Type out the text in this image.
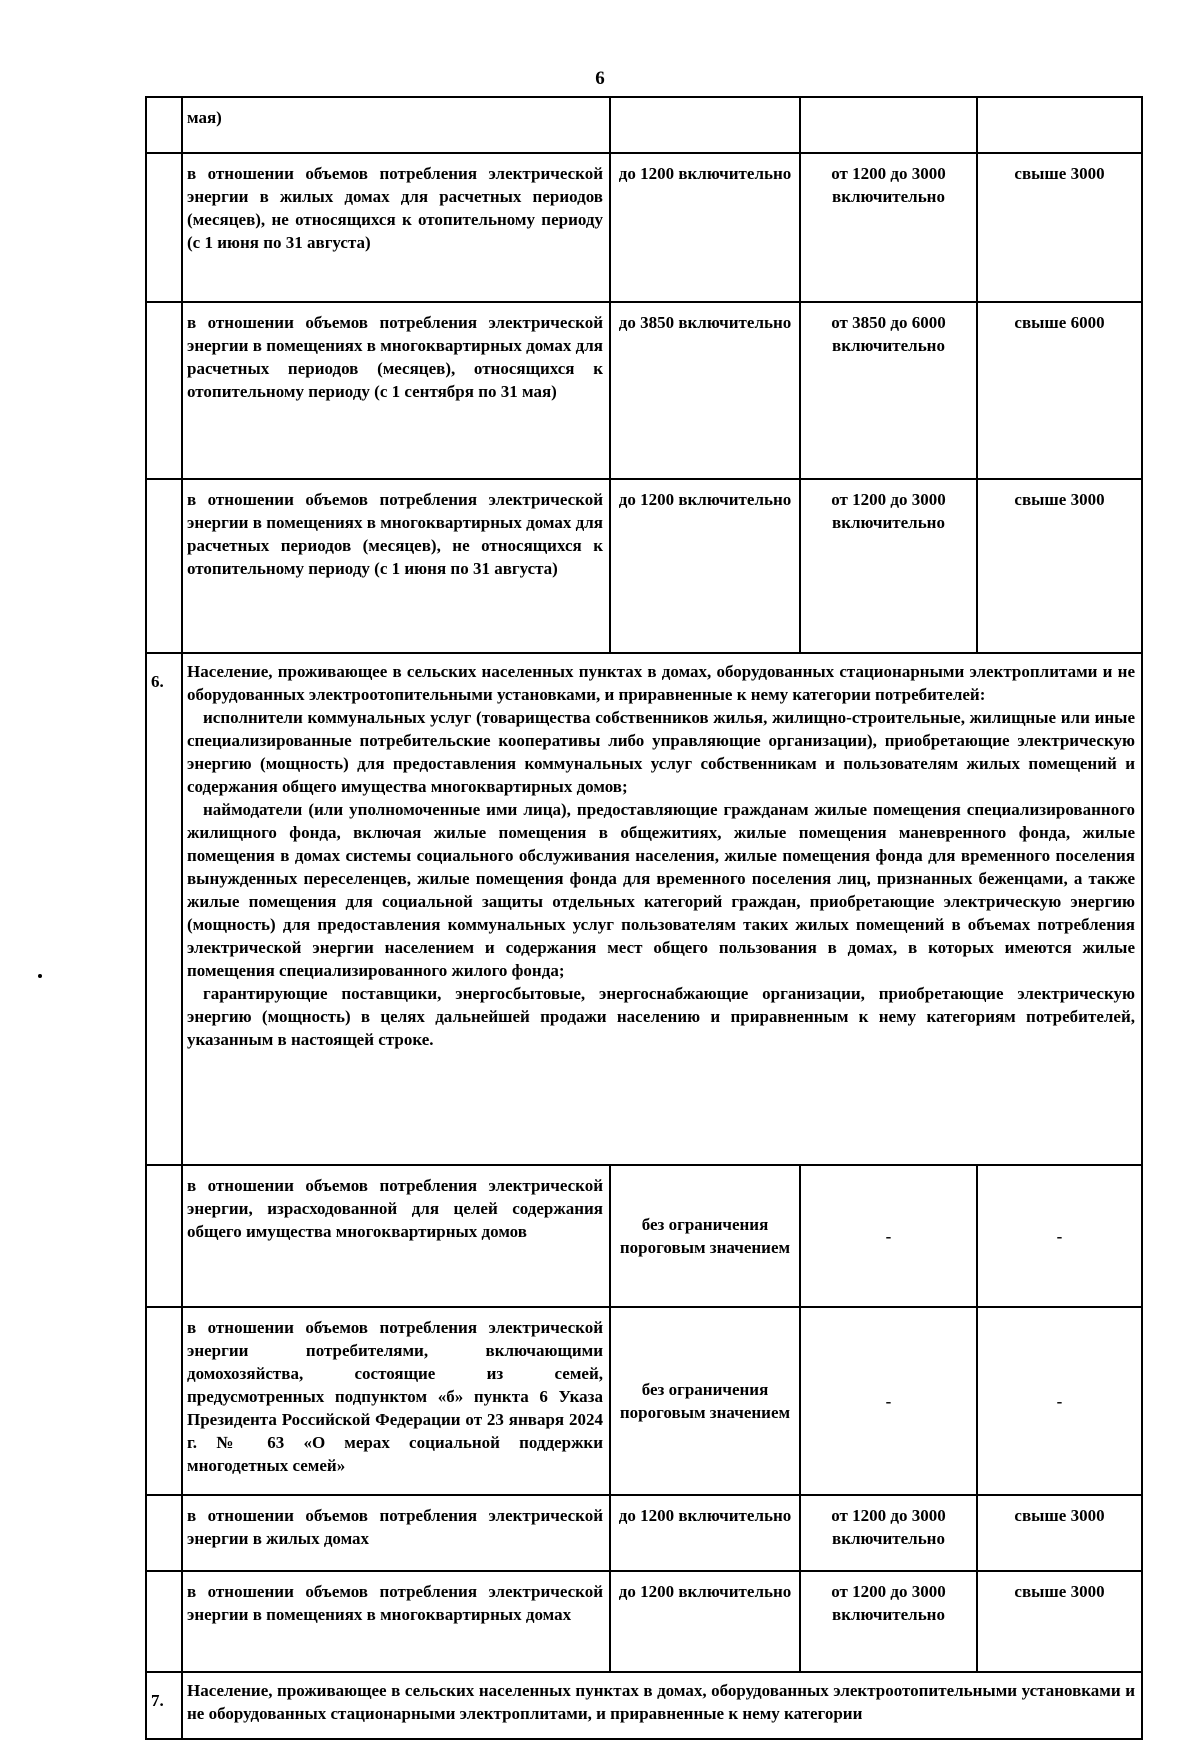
6
	мая)			
	в отношении объемов потребления электрической энергии в жилых домах для расчетных периодов (месяцев), не относящихся к отопительному периоду (с 1 июня по 31 августа)	до 1200 включительно	от 1200 до 3000 включительно	свыше 3000
	в отношении объемов потребления электрической энергии в помещениях в многоквартирных домах для расчетных периодов (месяцев), относящихся к отопительному периоду (с 1 сентября по 31 мая)	до 3850 включительно	от 3850 до 6000 включительно	свыше 6000
	в отношении объемов потребления электрической энергии в помещениях в многоквартирных домах для расчетных периодов (месяцев), не относящихся к отопительному периоду (с 1 июня по 31 августа)	до 1200 включительно	от 1200 до 3000 включительно	свыше 3000
6.	Население, проживающее в сельских населенных пунктах в домах, оборудованных стационарными электроплитами и не оборудованных электроотопительными установками, и приравненные к нему категории потребителей:

исполнители коммунальных услуг (товарищества собственников жилья, жилищно-строительные, жилищные или иные специализированные потребительские кооперативы либо управляющие организации), приобретающие электрическую энергию (мощность) для предоставления коммунальных услуг собственникам и пользователям жилых помещений и содержания общего имущества многоквартирных домов;

наймодатели (или уполномоченные ими лица), предоставляющие гражданам жилые помещения специализированного жилищного фонда, включая жилые помещения в общежитиях, жилые помещения маневренного фонда, жилые помещения в домах системы социального обслуживания населения, жилые помещения фонда для временного поселения вынужденных переселенцев, жилые помещения фонда для временного поселения лиц, признанных беженцами, а также жилые помещения для социальной защиты отдельных категорий граждан, приобретающие электрическую энергию (мощность) для предоставления коммунальных услуг пользователям таких жилых помещений в объемах потребления электрической энергии населением и содержания мест общего пользования в домах, в которых имеются жилые помещения специализированного жилого фонда;

гарантирующие поставщики, энергосбытовые, энергоснабжающие организации, приобретающие электрическую энергию (мощность) в целях дальнейшей продажи населению и приравненным к нему категориям потребителей, указанным в настоящей строке.			

	в отношении объемов потребления электрической энергии, израсходованной для целей содержания общего имущества многоквартирных домов	без ограничения пороговым значением	-	-
	в отношении объемов потребления электрической энергии потребителями, включающими домохозяйства, состоящие из семей, предусмотренных подпунктом «б» пункта 6 Указа Президента Российской Федерации от 23 января 2024 г. № 63 «О мерах социальной поддержки многодетных семей»	без ограничения пороговым значением	-	-
	в отношении объемов потребления электрической энергии в жилых домах	до 1200 включительно	от 1200 до 3000 включительно	свыше 3000
	в отношении объемов потребления электрической энергии в помещениях в многоквартирных домах	до 1200 включительно	от 1200 до 3000 включительно	свыше 3000
7.	Население, проживающее в сельских населенных пунктах в домах, оборудованных электроотопительными установками и не оборудованных стационарными электроплитами, и приравненные к нему категории			
